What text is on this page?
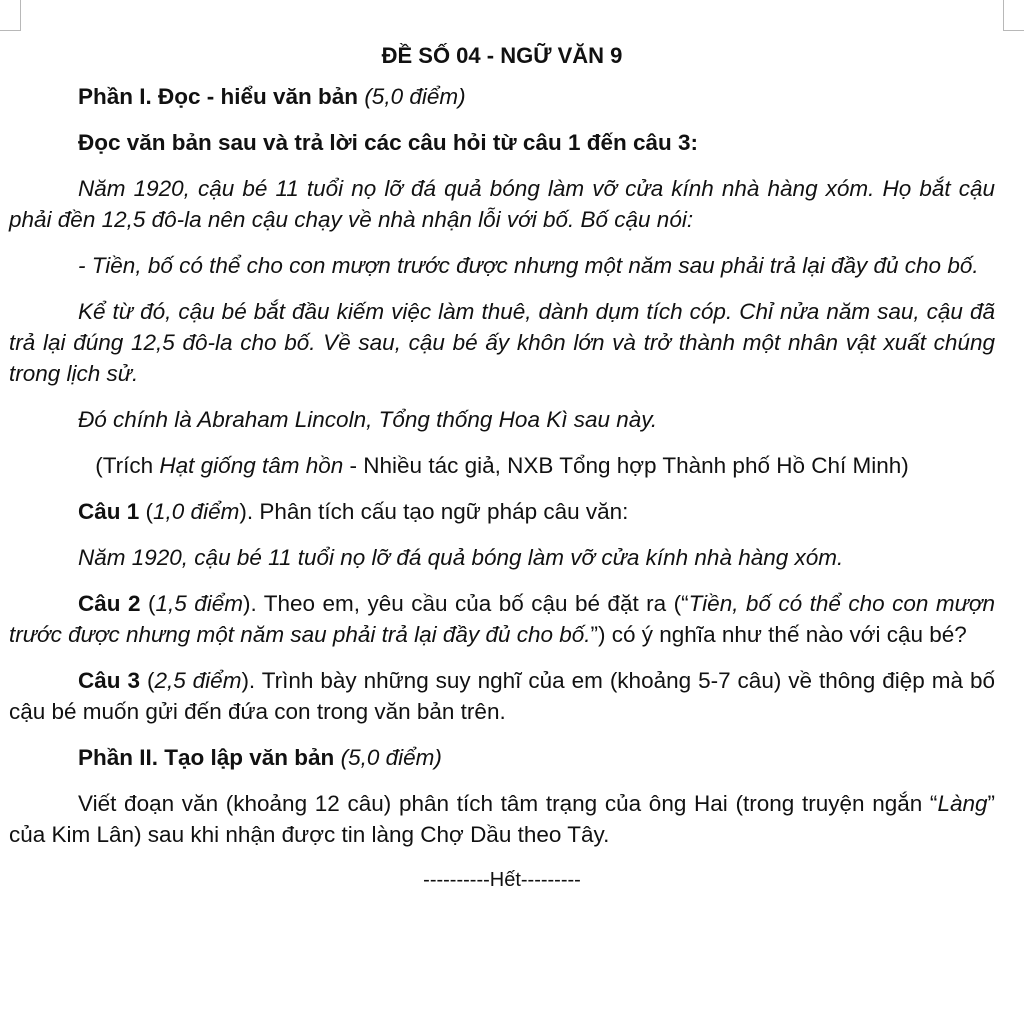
ĐỀ SỐ 04 - NGỮ VĂN 9

Phần I. Đọc - hiểu văn bản (5,0 điểm)

Đọc văn bản sau và trả lời các câu hỏi từ câu 1 đến câu 3:

Năm 1920, cậu bé 11 tuổi nọ lỡ đá quả bóng làm vỡ cửa kính nhà hàng xóm. Họ bắt cậu phải đền 12,5 đô-la nên cậu chạy về nhà nhận lỗi với bố. Bố cậu nói:

- Tiền, bố có thể cho con mượn trước được nhưng một năm sau phải trả lại đầy đủ cho bố.

Kể từ đó, cậu bé bắt đầu kiếm việc làm thuê, dành dụm tích cóp. Chỉ nửa năm sau, cậu đã trả lại đúng 12,5 đô-la cho bố. Về sau, cậu bé ấy khôn lớn và trở thành một nhân vật xuất chúng trong lịch sử.

Đó chính là Abraham Lincoln, Tổng thống Hoa Kì sau này.

(Trích Hạt giống tâm hồn - Nhiều tác giả, NXB Tổng hợp Thành phố Hồ Chí Minh)

Câu 1 (1,0 điểm). Phân tích cấu tạo ngữ pháp câu văn:

Năm 1920, cậu bé 11 tuổi nọ lỡ đá quả bóng làm vỡ cửa kính nhà hàng xóm.

Câu 2 (1,5 điểm). Theo em, yêu cầu của bố cậu bé đặt ra (“Tiền, bố có thể cho con mượn trước được nhưng một năm sau phải trả lại đầy đủ cho bố.”) có ý nghĩa như thế nào với cậu bé?

Câu 3 (2,5 điểm). Trình bày những suy nghĩ của em (khoảng 5-7 câu) về thông điệp mà bố cậu bé muốn gửi đến đứa con trong văn bản trên.

Phần II. Tạo lập văn bản (5,0 điểm)

Viết đoạn văn (khoảng 12 câu) phân tích tâm trạng của ông Hai (trong truyện ngắn “Làng” của Kim Lân) sau khi nhận được tin làng Chợ Dầu theo Tây.

----------Hết---------
